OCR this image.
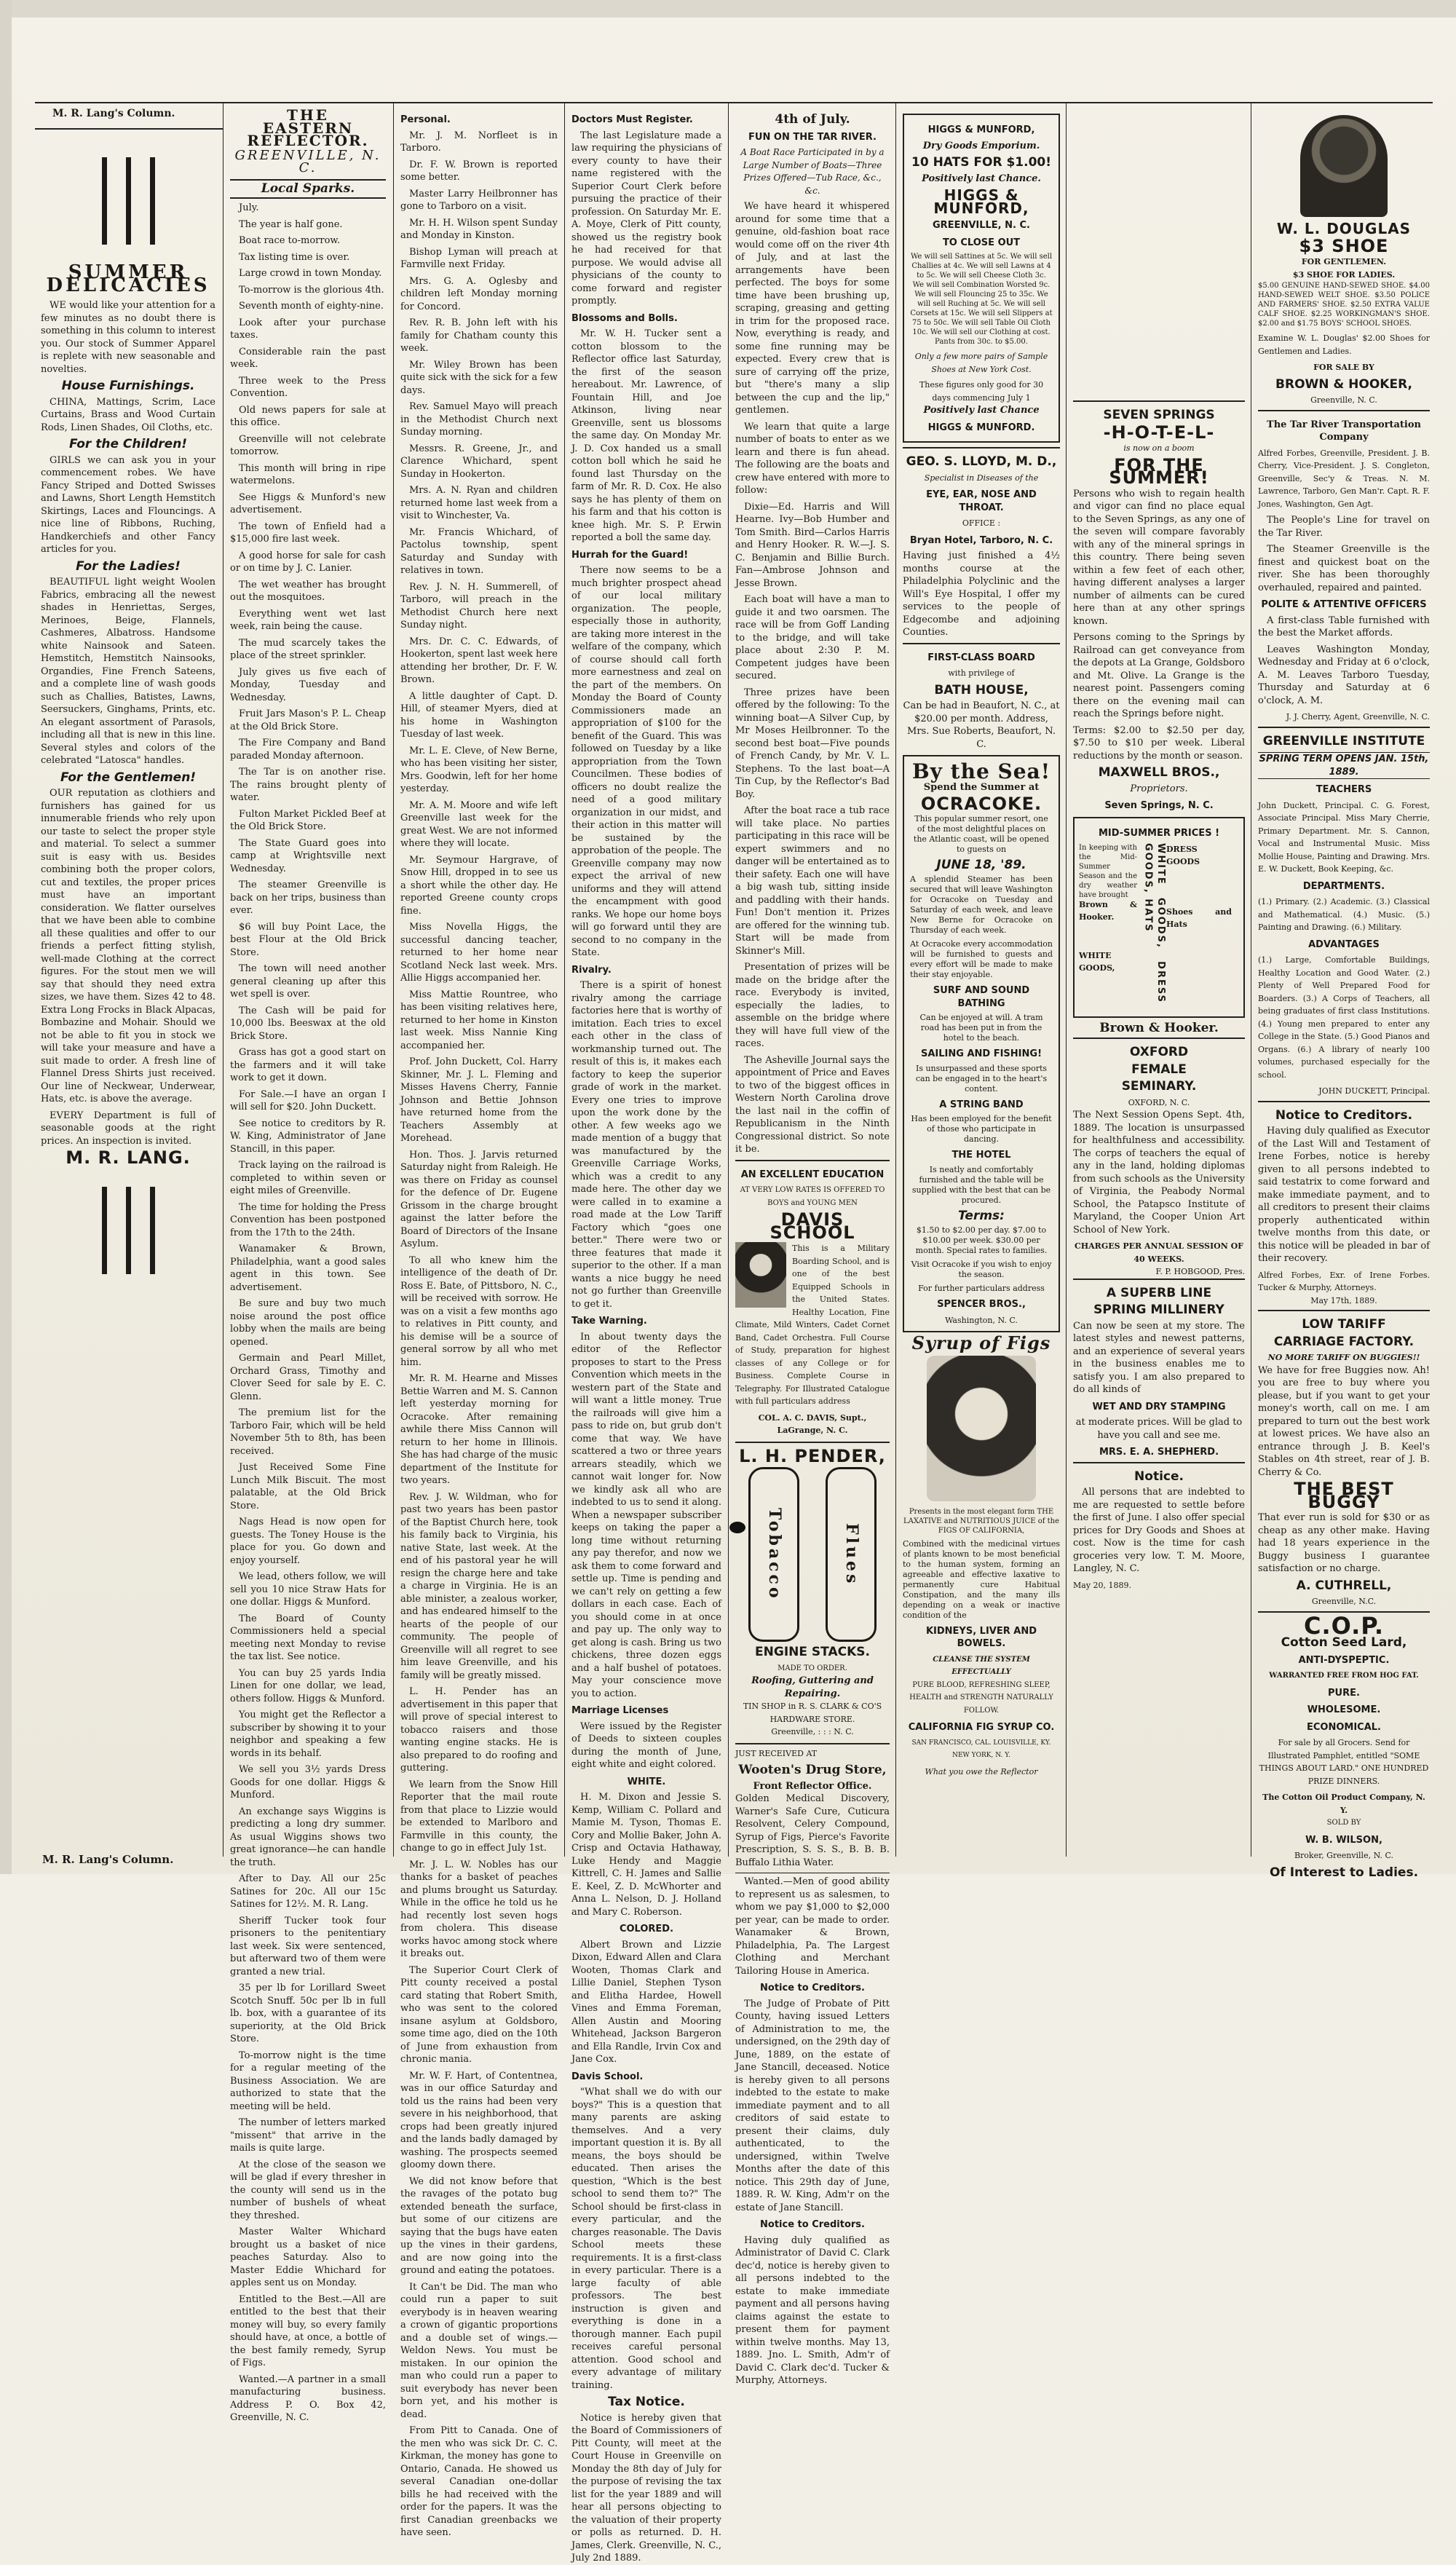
M. R. Lang's Column.
SUMMER DELICACIES

WE would like your attention for a few minutes as no doubt there is something in this column to interest you. Our stock of Summer Apparel is replete with new seasonable and novelties.

House Furnishings.

CHINA, Mattings, Scrim, Lace Curtains, Brass and Wood Curtain Rods, Linen Shades, Oil Cloths, etc.

For the Children!

GIRLS we can ask you in your commencement robes. We have Fancy Striped and Dotted Swisses and Lawns, Short Length Hemstitch Skirtings, Laces and Flouncings. A nice line of Ribbons, Ruching, Handkerchiefs and other Fancy articles for you.

For the Ladies!

BEAUTIFUL light weight Woolen Fabrics, embracing all the newest shades in Henriettas, Serges, Merinoes, Beige, Flannels, Cashmeres, Albatross. Handsome white Nainsook and Sateen. Hemstitch, Hemstitch Nainsooks, Organdies, Fine French Sateens, and a complete line of wash goods such as Challies, Batistes, Lawns, Seersuckers, Ginghams, Prints, etc. An elegant assortment of Parasols, including all that is new in this line. Several styles and colors of the celebrated "Latosca" handles.

For the Gentlemen!

OUR reputation as clothiers and furnishers has gained for us innumerable friends who rely upon our taste to select the proper style and material. To select a summer suit is easy with us. Besides combining both the proper colors, cut and textiles, the proper prices must have an important consideration. We flatter ourselves that we have been able to combine all these qualities and offer to our friends a perfect fitting stylish, well-made Clothing at the correct figures. For the stout men we will say that should they need extra sizes, we have them. Sizes 42 to 48. Extra Long Frocks in Black Alpacas, Bombazine and Mohair. Should we not be able to fit you in stock we will take your measure and have a suit made to order. A fresh line of Flannel Dress Shirts just received. Our line of Neckwear, Underwear, Hats, etc. is above the average.

EVERY Department is full of seasonable goods at the right prices. An inspection is invited.

M. R. LANG.
THE
EASTERN REFLECTOR.
GREENVILLE, N. C.
Local Sparks.

July.

The year is half gone.

Boat race to-morrow.

Tax listing time is over.

Large crowd in town Monday.

To-morrow is the glorious 4th.

Seventh month of eighty-nine.

Look after your purchase taxes.

Considerable rain the past week.

Three week to the Press Convention.

Old news papers for sale at this office.

Greenville will not celebrate tomorrow.

This month will bring in ripe watermelons.

See Higgs & Munford's new advertisement.

The town of Enfield had a $15,000 fire last week.

A good horse for sale for cash or on time by J. C. Lanier.

The wet weather has brought out the mosquitoes.

Everything went wet last week, rain being the cause.

The mud scarcely takes the place of the street sprinkler.

July gives us five each of Monday, Tuesday and Wednesday.

Fruit Jars Mason's P. L. Cheap at the Old Brick Store.

The Fire Company and Band paraded Monday afternoon.

The Tar is on another rise. The rains brought plenty of water.

Fulton Market Pickled Beef at the Old Brick Store.

The State Guard goes into camp at Wrightsville next Wednesday.

The steamer Greenville is back on her trips, business than ever.

$6 will buy Point Lace, the best Flour at the Old Brick Store.

The town will need another general cleaning up after this wet spell is over.

The Cash will be paid for 10,000 lbs. Beeswax at the old Brick Store.

Grass has got a good start on the farmers and it will take work to get it down.

For Sale.—I have an organ I will sell for $20. John Duckett.

See notice to creditors by R. W. King, Administrator of Jane Stancill, in this paper.

Track laying on the railroad is completed to within seven or eight miles of Greenville.

The time for holding the Press Convention has been postponed from the 17th to the 24th.

Wanamaker & Brown, Philadelphia, want a good sales agent in this town. See advertisement.

Be sure and buy two much noise around the post office lobby when the mails are being opened.

Germain and Pearl Millet, Orchard Grass, Timothy and Clover Seed for sale by E. C. Glenn.

The premium list for the Tarboro Fair, which will be held November 5th to 8th, has been received.

Just Received Some Fine Lunch Milk Biscuit. The most palatable, at the Old Brick Store.

Nags Head is now open for guests. The Toney House is the place for you. Go down and enjoy yourself.

We lead, others follow, we will sell you 10 nice Straw Hats for one dollar. Higgs & Munford.

The Board of County Commissioners held a special meeting next Monday to revise the tax list. See notice.

You can buy 25 yards India Linen for one dollar, we lead, others follow. Higgs & Munford.

You might get the Reflector a subscriber by showing it to your neighbor and speaking a few words in its behalf.

We sell you 3½ yards Dress Goods for one dollar. Higgs & Munford.

An exchange says Wiggins is predicting a long dry summer. As usual Wiggins shows two great ignorance—he can handle the truth.

After to Day. All our 25c Satines for 20c. All our 15c Satines for 12½. M. R. Lang.

Sheriff Tucker took four prisoners to the penitentiary last week. Six were sentenced, but afterward two of them were granted a new trial.

35 per lb for Lorillard Sweet Scotch Snuff. 50c per lb in full lb. box, with a guarantee of its superiority, at the Old Brick Store.

To-morrow night is the time for a regular meeting of the Business Association. We are authorized to state that the meeting will be held.

The number of letters marked "missent" that arrive in the mails is quite large.

At the close of the season we will be glad if every thresher in the county will send us in the number of bushels of wheat they threshed.

Master Walter Whichard brought us a basket of nice peaches Saturday. Also to Master Eddie Whichard for apples sent us on Monday.

Entitled to the Best.—All are entitled to the best that their money will buy, so every family should have, at once, a bottle of the best family remedy, Syrup of Figs.

Wanted.—A partner in a small manufacturing business. Address P. O. Box 42, Greenville, N. C.

Personal.

Mr. J. M. Norfleet is in Tarboro.

Dr. F. W. Brown is reported some better.

Master Larry Heilbronner has gone to Tarboro on a visit.

Mr. H. H. Wilson spent Sunday and Monday in Kinston.

Bishop Lyman will preach at Farmville next Friday.

Mrs. G. A. Oglesby and children left Monday morning for Concord.

Rev. R. B. John left with his family for Chatham county this week.

Mr. Wiley Brown has been quite sick with the sick for a few days.

Rev. Samuel Mayo will preach in the Methodist Church next Sunday morning.

Messrs. R. Greene, Jr., and Clarence Whichard, spent Sunday in Hookerton.

Mrs. A. N. Ryan and children returned home last week from a visit to Winchester, Va.

Mr. Francis Whichard, of Pactolus township, spent Saturday and Sunday with relatives in town.

Rev. J. N. H. Summerell, of Tarboro, will preach in the Methodist Church here next Sunday night.

Mrs. Dr. C. C. Edwards, of Hookerton, spent last week here attending her brother, Dr. F. W. Brown.

A little daughter of Capt. D. Hill, of steamer Myers, died at his home in Washington Tuesday of last week.

Mr. L. E. Cleve, of New Berne, who has been visiting her sister, Mrs. Goodwin, left for her home yesterday.

Mr. A. M. Moore and wife left Greenville last week for the great West. We are not informed where they will locate.

Mr. Seymour Hargrave, of Snow Hill, dropped in to see us a short while the other day. He reported Greene county crops fine.

Miss Novella Higgs, the successful dancing teacher, returned to her home near Scotland Neck last week. Mrs. Allie Higgs accompanied her.

Miss Mattie Rountree, who has been visiting relatives here, returned to her home in Kinston last week. Miss Nannie King accompanied her.

Prof. John Duckett, Col. Harry Skinner, Mr. J. L. Fleming and Misses Havens Cherry, Fannie Johnson and Bettie Johnson have returned home from the Teachers Assembly at Morehead.

Hon. Thos. J. Jarvis returned Saturday night from Raleigh. He was there on Friday as counsel for the defence of Dr. Eugene Grissom in the charge brought against the latter before the Board of Directors of the Insane Asylum.

To all who knew him the intelligence of the death of Dr. Ross E. Bate, of Pittsboro, N. C., will be received with sorrow. He was on a visit a few months ago to relatives in Pitt county, and his demise will be a source of general sorrow by all who met him.

Mr. R. M. Hearne and Misses Bettie Warren and M. S. Cannon left yesterday morning for Ocracoke. After remaining awhile there Miss Cannon will return to her home in Illinois. She has had charge of the music department of the Institute for two years.

Rev. J. W. Wildman, who for past two years has been pastor of the Baptist Church here, took his family back to Virginia, his native State, last week. At the end of his pastoral year he will resign the charge here and take a charge in Virginia. He is an able minister, a zealous worker, and has endeared himself to the hearts of the people of our community. The people of Greenville will all regret to see him leave Greenville, and his family will be greatly missed.

L. H. Pender has an advertisement in this paper that will prove of special interest to tobacco raisers and those wanting engine stacks. He is also prepared to do roofing and guttering.

We learn from the Snow Hill Reporter that the mail route from that place to Lizzie would be extended to Marlboro and Farmville in this county, the change to go in effect July 1st.

Mr. J. L. W. Nobles has our thanks for a basket of peaches and plums brought us Saturday. While in the office he told us he had recently lost seven hogs from cholera. This disease works havoc among stock where it breaks out.

The Superior Court Clerk of Pitt county received a postal card stating that Robert Smith, who was sent to the colored insane asylum at Goldsboro, some time ago, died on the 10th of June from exhaustion from chronic mania.

Mr. W. F. Hart, of Contentnea, was in our office Saturday and told us the rains had been very severe in his neighborhood, that crops had been greatly injured and the lands badly damaged by washing. The prospects seemed gloomy down there.

We did not know before that the ravages of the potato bug extended beneath the surface, but some of our citizens are saying that the bugs have eaten up the vines in their gardens, and are now going into the ground and eating the potatoes.

It Can't be Did. The man who could run a paper to suit everybody is in heaven wearing a crown of gigantic proportions and a double set of wings.—Weldon News. You must be mistaken. In our opinion the man who could run a paper to suit everybody has never been born yet, and his mother is dead.

From Pitt to Canada. One of the men who was sick Dr. C. C. Kirkman, the money has gone to Ontario, Canada. He showed us several Canadian one-dollar bills he had received with the order for the papers. It was the first Canadian greenbacks we have seen.

Doctors Must Register.

The last Legislature made a law requiring the physicians of every county to have their name registered with the Superior Court Clerk before pursuing the practice of their profession. On Saturday Mr. E. A. Moye, Clerk of Pitt county, showed us the registry book he had received for that purpose. We would advise all physicians of the county to come forward and register promptly.

Blossoms and Bolls.

Mr. W. H. Tucker sent a cotton blossom to the Reflector office last Saturday, the first of the season hereabout. Mr. Lawrence, of Fountain Hill, and Joe Atkinson, living near Greenville, sent us blossoms the same day. On Monday Mr. J. D. Cox handed us a small cotton boll which he said he found last Thursday on the farm of Mr. R. D. Cox. He also says he has plenty of them on his farm and that his cotton is knee high. Mr. S. P. Erwin reported a boll the same day.

Hurrah for the Guard!

There now seems to be a much brighter prospect ahead of our local military organization. The people, especially those in authority, are taking more interest in the welfare of the company, which of course should call forth more earnestness and zeal on the part of the members. On Monday the Board of County Commissioners made an appropriation of $100 for the benefit of the Guard. This was followed on Tuesday by a like appropriation from the Town Councilmen. These bodies of officers no doubt realize the need of a good military organization in our midst, and their action in this matter will be sustained by the approbation of the people. The Greenville company may now expect the arrival of new uniforms and they will attend the encampment with good ranks. We hope our home boys will go forward until they are second to no company in the State.

Rivalry.

There is a spirit of honest rivalry among the carriage factories here that is worthy of imitation. Each tries to excel each other in the class of workmanship turned out. The result of this is, it makes each factory to keep the superior grade of work in the market. Every one tries to improve upon the work done by the other. A few weeks ago we made mention of a buggy that was manufactured by the Greenville Carriage Works, which was a credit to any made here. The other day we were called in to examine a road made at the Low Tariff Factory which "goes one better." There were two or three features that made it superior to the other. If a man wants a nice buggy he need not go further than Greenville to get it.

Take Warning.

In about twenty days the editor of the Reflector proposes to start to the Press Convention which meets in the western part of the State and will want a little money. True the railroads will give him a pass to ride on, but grub don't come that way. We have scattered a two or three years arrears steadily, which we cannot wait longer for. Now we kindly ask all who are indebted to us to send it along. When a newspaper subscriber keeps on taking the paper a long time without returning any pay therefor, and now we ask them to come forward and settle up. Time is pending and we can't rely on getting a few dollars in each case. Each of you should come in at once and pay up. The only way to get along is cash. Bring us two chickens, three dozen eggs and a half bushel of potatoes. May your conscience move you to action.

Marriage Licenses

Were issued by the Register of Deeds to sixteen couples during the month of June, eight white and eight colored.

WHITE.

H. M. Dixon and Jessie S. Kemp, William C. Pollard and Mamie M. Tyson, Thomas E. Cory and Mollie Baker, John A. Crisp and Octavia Hathaway, Luke Hendy and Maggie Kittrell, C. H. James and Sallie E. Keel, Z. D. McWhorter and Anna L. Nelson, D. J. Holland and Mary C. Roberson.

COLORED.

Albert Brown and Lizzie Dixon, Edward Allen and Clara Wooten, Thomas Clark and Lillie Daniel, Stephen Tyson and Elitha Hardee, Howell Vines and Emma Foreman, Allen Austin and Mooring Whitehead, Jackson Bargeron and Ella Randle, Irvin Cox and Jane Cox.

Davis School.

"What shall we do with our boys?" This is a question that many parents are asking themselves. And a very important question it is. By all means, the boys should be educated. Then arises the question, "Which is the best school to send them to?" The School should be first-class in every particular, and the charges reasonable. The Davis School meets these requirements. It is a first-class in every particular. There is a large faculty of able professors. The best instruction is given and everything is done in a thorough manner. Each pupil receives careful personal attention. Good school and every advantage of military training.

Tax Notice.

Notice is hereby given that the Board of Commissioners of Pitt County, will meet at the Court House in Greenville on Monday the 8th day of July for the purpose of revising the tax list for the year 1889 and will hear all persons objecting to the valuation of their property or polls as returned. D. H. James, Clerk. Greenville, N. C., July 2nd 1889.

4th of July.
FUN ON THE TAR RIVER.
A Boat Race Participated in by a Large Number of Boats—Three Prizes Offered—Tub Race, &c., &c.

We have heard it whispered around for some time that a genuine, old-fashion boat race would come off on the river 4th of July, and at last the arrangements have been perfected. The boys for some time have been brushing up, scraping, greasing and getting in trim for the proposed race. Now, everything is ready, and some fine running may be expected. Every crew that is sure of carrying off the prize, but "there's many a slip between the cup and the lip," gentlemen.

We learn that quite a large number of boats to enter as we learn and there is fun ahead. The following are the boats and crew have entered with more to follow:

Dixie—Ed. Harris and Will Hearne. Ivy—Bob Humber and Tom Smith. Bird—Carlos Harris and Henry Hooker. R. W.—J. S. C. Benjamin and Billie Burch. Fan—Ambrose Johnson and Jesse Brown.

Each boat will have a man to guide it and two oarsmen. The race will be from Goff Landing to the bridge, and will take place about 2:30 P. M. Competent judges have been secured.

Three prizes have been offered by the following: To the winning boat—A Silver Cup, by Mr Moses Heilbronner. To the second best boat—Five pounds of French Candy, by Mr. V. L. Stephens. To the last boat—A Tin Cup, by the Reflector's Bad Boy.

After the boat race a tub race will take place. No parties participating in this race will be expert swimmers and no danger will be entertained as to their safety. Each one will have a big wash tub, sitting inside and paddling with their hands. Fun! Don't mention it. Prizes are offered for the winning tub. Start will be made from Skinner's Mill.

Presentation of prizes will be made on the bridge after the race. Everybody is invited, especially the ladies, to assemble on the bridge where they will have full view of the races.

The Asheville Journal says the appointment of Price and Eaves to two of the biggest offices in Western North Carolina drove the last nail in the coffin of Republicanism in the Ninth Congressional district. So note it be.

AN EXCELLENT EDUCATION
AT VERY LOW RATES IS OFFERED TO BOYS and YOUNG MEN
DAVIS SCHOOL

This is a Military Boarding School, and is one of the best Equipped Schools in the United States. Healthy Location, Fine Climate, Mild Winters, Cadet Cornet Band, Cadet Orchestra. Full Course of Study, preparation for highest classes of any College or for Business. Complete Course in Telegraphy. For Illustrated Catalogue with full particulars address

COL. A. C. DAVIS, Supt., LaGrange, N. C.
L. H. PENDER,
Tobacco	Flues
ENGINE STACKS.
MADE TO ORDER.
Roofing, Guttering and Repairing.
TIN SHOP in R. S. CLARK & CO'S HARDWARE STORE.
Greenville, : : : N. C.
JUST RECEIVED AT
Wooten's Drug Store,
Front Reflector Office.

Golden Medical Discovery, Warner's Safe Cure, Cuticura Resolvent, Celery Compound, Syrup of Figs, Pierce's Favorite Prescription, S. S. S., B. B. B. Buffalo Lithia Water.

Wanted.—Men of good ability to represent us as salesmen, to whom we pay $1,000 to $2,000 per year, can be made to order. Wanamaker & Brown, Philadelphia, Pa. The Largest Clothing and Merchant Tailoring House in America.

Notice to Creditors.

The Judge of Probate of Pitt County, having issued Letters of Administration to me, the undersigned, on the 29th day of June, 1889, on the estate of Jane Stancill, deceased. Notice is hereby given to all persons indebted to the estate to make immediate payment and to all creditors of said estate to present their claims, duly authenticated, to the undersigned, within Twelve Months after the date of this notice. This 29th day of June, 1889. R. W. King, Adm'r on the estate of Jane Stancill.

Notice to Creditors.

Having duly qualified as Administrator of David C. Clark dec'd, notice is hereby given to all persons indebted to the estate to make immediate payment and all persons having claims against the estate to present them for payment within twelve months. May 13, 1889. Jno. L. Smith, Adm'r of David C. Clark dec'd. Tucker & Murphy, Attorneys.

HIGGS & MUNFORD,
Dry Goods Emporium.
10 HATS FOR $1.00!
Positively last Chance.
HIGGS & MUNFORD,
GREENVILLE, N. C.
TO CLOSE OUT

We will sell Sattines at 5c. We will sell Challies at 4c. We will sell Lawns at 4 to 5c. We will sell Cheese Cloth 3c. We will sell Combination Worsted 9c. We will sell Flouncing 25 to 35c. We will sell Ruching at 5c. We will sell Corsets at 15c. We will sell Slippers at 75 to 50c. We will sell Table Oil Cloth 10c. We will sell our Clothing at cost. Pants from 30c. to $5.00.

Only a few more pairs of Sample Shoes at New York Cost.
These figures only good for 30 days commencing July 1
Positively last Chance
HIGGS & MUNFORD.
GEO. S. LLOYD, M. D.,
Specialist in Diseases of the
EYE, EAR, NOSE AND THROAT.
OFFICE :
Bryan Hotel, Tarboro, N. C.

Having just finished a 4½ months course at the Philadelphia Polyclinic and the Will's Eye Hospital, I offer my services to the people of Edgecombe and adjoining Counties.

FIRST-CLASS BOARD
with privilege of
BATH HOUSE,

Can be had in Beaufort, N. C., at $20.00 per month. Address, Mrs. Sue Roberts, Beaufort, N. C.

By the Sea!
Spend the Summer at
OCRACOKE.

This popular summer resort, one of the most delightful places on the Atlantic coast, will be opened to guests on

JUNE 18, '89.

A splendid Steamer has been secured that will leave Washington for Ocracoke on Tuesday and Saturday of each week, and leave New Berne for Ocracoke on Thursday of each week.

At Ocracoke every accommodation will be furnished to guests and every effort will be made to make their stay enjoyable.

SURF AND SOUND BATHING

Can be enjoyed at will. A tram road has been put in from the hotel to the beach.

SAILING AND FISHING!

Is unsurpassed and these sports can be engaged in to the heart's content.

A STRING BAND

Has been employed for the benefit of those who participate in dancing.

THE HOTEL

Is neatly and comfortably furnished and the table will be supplied with the best that can be procured.

Terms:

$1.50 to $2.00 per day. $7.00 to $10.00 per week. $30.00 per month. Special rates to families.

Visit Ocracoke if you wish to enjoy the season.

For further particulars address

SPENCER BROS.,
Washington, N. C.
Syrup of Figs

Presents in the most elegant form THE LAXATIVE and NUTRITIOUS JUICE of the FIGS OF CALIFORNIA,

Combined with the medicinal virtues of plants known to be most beneficial to the human system, forming an agreeable and effective laxative to permanently cure Habitual Constipation, and the many ills depending on a weak or inactive condition of the

KIDNEYS, LIVER AND BOWELS.
CLEANSE THE SYSTEM EFFECTUALLY
PURE BLOOD, REFRESHING SLEEP, HEALTH and STRENGTH NATURALLY FOLLOW.
CALIFORNIA FIG SYRUP CO.
SAN FRANCISCO, CAL. LOUISVILLE, KY. NEW YORK, N. Y.
What you owe the Reflector
SEVEN SPRINGS
-H-O-T-E-L-
is now on a boom
FOR THE SUMMER!

Persons who wish to regain health and vigor can find no place equal to the Seven Springs, as any one of the seven will compare favorably with any of the mineral springs in this country. There being seven within a few feet of each other, having different analyses a larger number of ailments can be cured here than at any other springs known.

Persons coming to the Springs by Railroad can get conveyance from the depots at La Grange, Goldsboro and Mt. Olive. La Grange is the nearest point. Passengers coming there on the evening mail can reach the Springs before night.

Terms: $2.00 to $2.50 per day, $7.50 to $10 per week. Liberal reductions by the month or season.

MAXWELL BROS.,
Proprietors.
Seven Springs, N. C.
MID-SUMMER PRICES !
WHITE GOODS, DRESS GOODS, HATS
In keeping with the Mid-Summer Season and the dry weather have brought
Brown & Hooker.
WHITE GOODS,
DRESS GOODS
Shoes and Hats
Brown & Hooker.
OXFORD
FEMALE
SEMINARY.
OXFORD, N. C.

The Next Session Opens Sept. 4th, 1889. The location is unsurpassed for healthfulness and accessibility. The corps of teachers the equal of any in the land, holding diplomas from such schools as the University of Virginia, the Peabody Normal School, the Patapsco Institute of Maryland, the Cooper Union Art School of New York.

CHARGES PER ANNUAL SESSION OF 40 WEEKS.
F. P. HOBGOOD, Pres.
A SUPERB LINE
SPRING MILLINERY

Can now be seen at my store. The latest styles and newest patterns, and an experience of several years in the business enables me to satisfy you. I am also prepared to do all kinds of

WET AND DRY STAMPING

at moderate prices. Will be glad to have you call and see me.

MRS. E. A. SHEPHERD.
Notice.

All persons that are indebted to me are requested to settle before the first of June. I also offer special prices for Dry Goods and Shoes at cost. Now is the time for cash groceries very low. T. M. Moore, Langley, N. C.

May 20, 1889.
W. L. DOUGLAS
$3 SHOE
FOR GENTLEMEN.
$3 SHOE FOR LADIES.

$5.00 GENUINE HAND-SEWED SHOE. $4.00 HAND-SEWED WELT SHOE. $3.50 POLICE AND FARMERS' SHOE. $2.50 EXTRA VALUE CALF SHOE. $2.25 WORKINGMAN'S SHOE. $2.00 and $1.75 BOYS' SCHOOL SHOES.

Examine W. L. Douglas' $2.00 Shoes for Gentlemen and Ladies.

FOR SALE BY
BROWN & HOOKER,
Greenville, N. C.
The Tar River Transportation Company

Alfred Forbes, Greenville, President. J. B. Cherry, Vice-President. J. S. Congleton, Greenville, Sec'y & Treas. N. M. Lawrence, Tarboro, Gen Man'r. Capt. R. F. Jones, Washington, Gen Agt.

The People's Line for travel on the Tar River.

The Steamer Greenville is the finest and quickest boat on the river. She has been thoroughly overhauled, repaired and painted.

POLITE & ATTENTIVE OFFICERS

A first-class Table furnished with the best the Market affords.

Leaves Washington Monday, Wednesday and Friday at 6 o'clock, A. M. Leaves Tarboro Tuesday, Thursday and Saturday at 6 o'clock, A. M.

J. J. Cherry, Agent, Greenville, N. C.
GREENVILLE INSTITUTE
SPRING TERM OPENS JAN. 15th, 1889.
TEACHERS

John Duckett, Principal. C. G. Forest, Associate Principal. Miss Mary Cherrie, Primary Department. Mr. S. Cannon, Vocal and Instrumental Music. Miss Mollie House, Painting and Drawing. Mrs. E. W. Duckett, Book Keeping, &c.

DEPARTMENTS.

(1.) Primary. (2.) Academic. (3.) Classical and Mathematical. (4.) Music. (5.) Painting and Drawing. (6.) Military.

ADVANTAGES

(1.) Large, Comfortable Buildings, Healthy Location and Good Water. (2.) Plenty of Well Prepared Food for Boarders. (3.) A Corps of Teachers, all being graduates of first class Institutions. (4.) Young men prepared to enter any College in the State. (5.) Good Pianos and Organs. (6.) A library of nearly 100 volumes, purchased especially for the school.

JOHN DUCKETT, Principal.
Notice to Creditors.

Having duly qualified as Executor of the Last Will and Testament of Irene Forbes, notice is hereby given to all persons indebted to said testatrix to come forward and make immediate payment, and to all creditors to present their claims properly authenticated within twelve months from this date, or this notice will be pleaded in bar of their recovery.

Alfred Forbes, Exr. of Irene Forbes. Tucker & Murphy, Attorneys.
May 17th, 1889.
LOW TARIFF
CARRIAGE FACTORY.
NO MORE TARIFF ON BUGGIES!!

We have for free Buggies now. Ah! you are free to buy where you please, but if you want to get your money's worth, call on me. I am prepared to turn out the best work at lowest prices. We have also an entrance through J. B. Keel's Stables on 4th street, rear of J. B. Cherry & Co.

THE BEST BUGGY

That ever run is sold for $30 or as cheap as any other make. Having had 18 years experience in the Buggy business I guarantee satisfaction or no charge.

A. CUTHRELL,
Greenville, N.C.
C.O.P.
Cotton Seed Lard,
ANTI-DYSPEPTIC.
WARRANTED FREE FROM HOG FAT.
PURE.
WHOLESOME.
ECONOMICAL.

For sale by all Grocers. Send for Illustrated Pamphlet, entitled "SOME THINGS ABOUT LARD." ONE HUNDRED PRIZE DINNERS.

The Cotton Oil Product Company, N. Y.
SOLD BY
W. B. WILSON,
Broker, Greenville, N. C.
Of Interest to Ladies.
M. R. Lang's Column.
